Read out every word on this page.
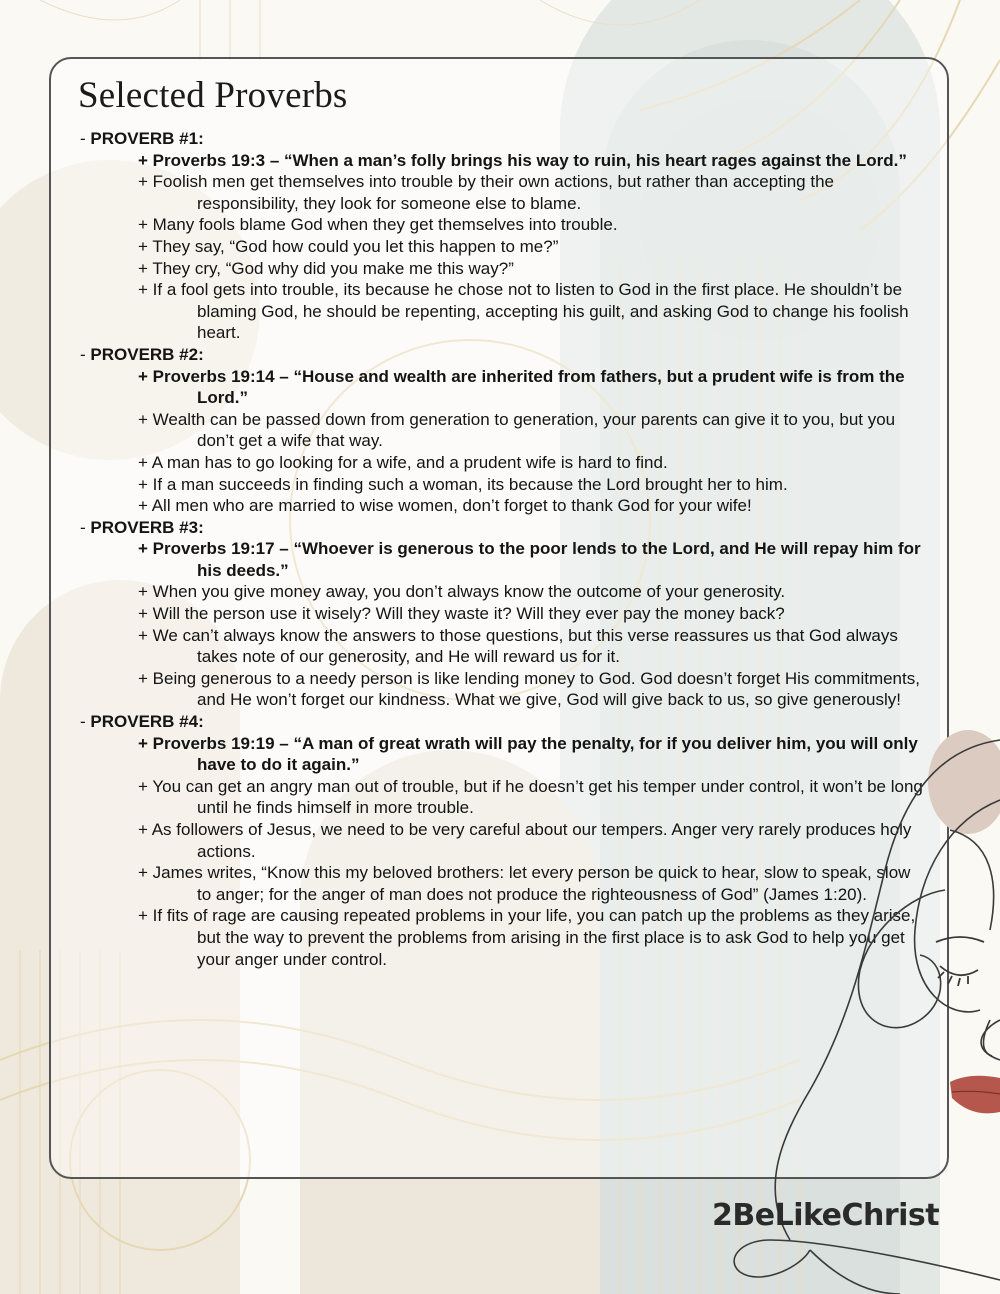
Selected Proverbs
- PROVERB #1:
+ Proverbs 19:3 – “When a man’s folly brings his way to ruin, his heart rages against the Lord.”
+ Foolish men get themselves into trouble by their own actions, but rather than accepting the responsibility, they look for someone else to blame.
+ Many fools blame God when they get themselves into trouble.
+ They say, “God how could you let this happen to me?”
+ They cry, “God why did you make me this way?”
+ If a fool gets into trouble, its because he chose not to listen to God in the first place. He shouldn’t be blaming God, he should be repenting, accepting his guilt, and asking God to change his foolish heart.
- PROVERB #2:
+ Proverbs 19:14 – “House and wealth are inherited from fathers, but a prudent wife is from the Lord.”
+ Wealth can be passed down from generation to generation, your parents can give it to you, but you don’t get a wife that way.
+ A man has to go looking for a wife, and a prudent wife is hard to find.
+ If a man succeeds in finding such a woman, its because the Lord brought her to him.
+ All men who are married to wise women, don’t forget to thank God for your wife!
- PROVERB #3:
+ Proverbs 19:17 – “Whoever is generous to the poor lends to the Lord, and He will repay him for his deeds.”
+ When you give money away, you don’t always know the outcome of your generosity.
+ Will the person use it wisely? Will they waste it? Will they ever pay the money back?
+ We can’t always know the answers to those questions, but this verse reassures us that God always takes note of our generosity, and He will reward us for it.
+ Being generous to a needy person is like lending money to God. God doesn’t forget His commitments, and He won’t forget our kindness. What we give, God will give back to us, so give generously!
- PROVERB #4:
+ Proverbs 19:19 – “A man of great wrath will pay the penalty, for if you deliver him, you will only have to do it again.”
+ You can get an angry man out of trouble, but if he doesn’t get his temper under control, it won’t be long until he finds himself in more trouble.
+ As followers of Jesus, we need to be very careful about our tempers. Anger very rarely produces holy actions.
+ James writes, “Know this my beloved brothers: let every person be quick to hear, slow to speak, slow to anger; for the anger of man does not produce the righteousness of God” (James 1:20).
+ If fits of rage are causing repeated problems in your life, you can patch up the problems as they arise, but the way to prevent the problems from arising in the first place is to ask God to help you get your anger under control.
2BeLikeChrist
